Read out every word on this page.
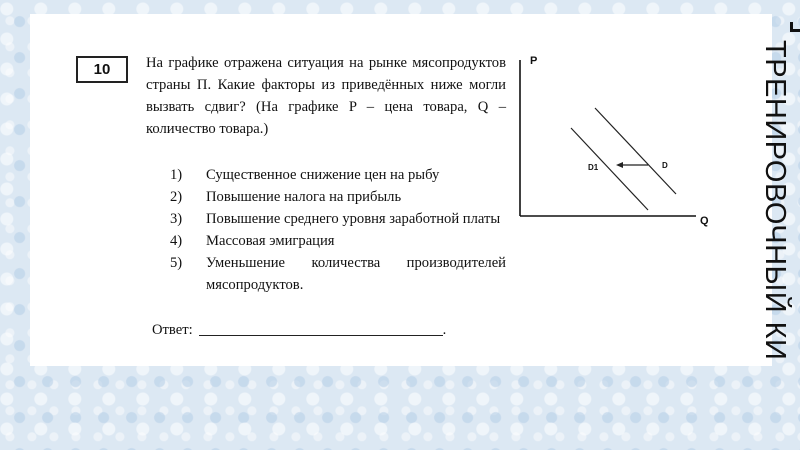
10 На графике отражена ситуация на рынке мясопродуктов страны П. Какие факторы из приведённых ниже могли вызвать сдвиг? (На графике P – цена товара, Q – количество товара.)
1)	Существенное снижение цен на рыбу
2)	Повышение налога на прибыль
3)	Повышение среднего уровня заработной платы
4)	Массовая эмиграция
5)	Уменьшение количества производителей мясопродуктов.
Ответ:	.
P
Q
D
D1	ТРЕНИРОВОЧНЫЙ КИ
